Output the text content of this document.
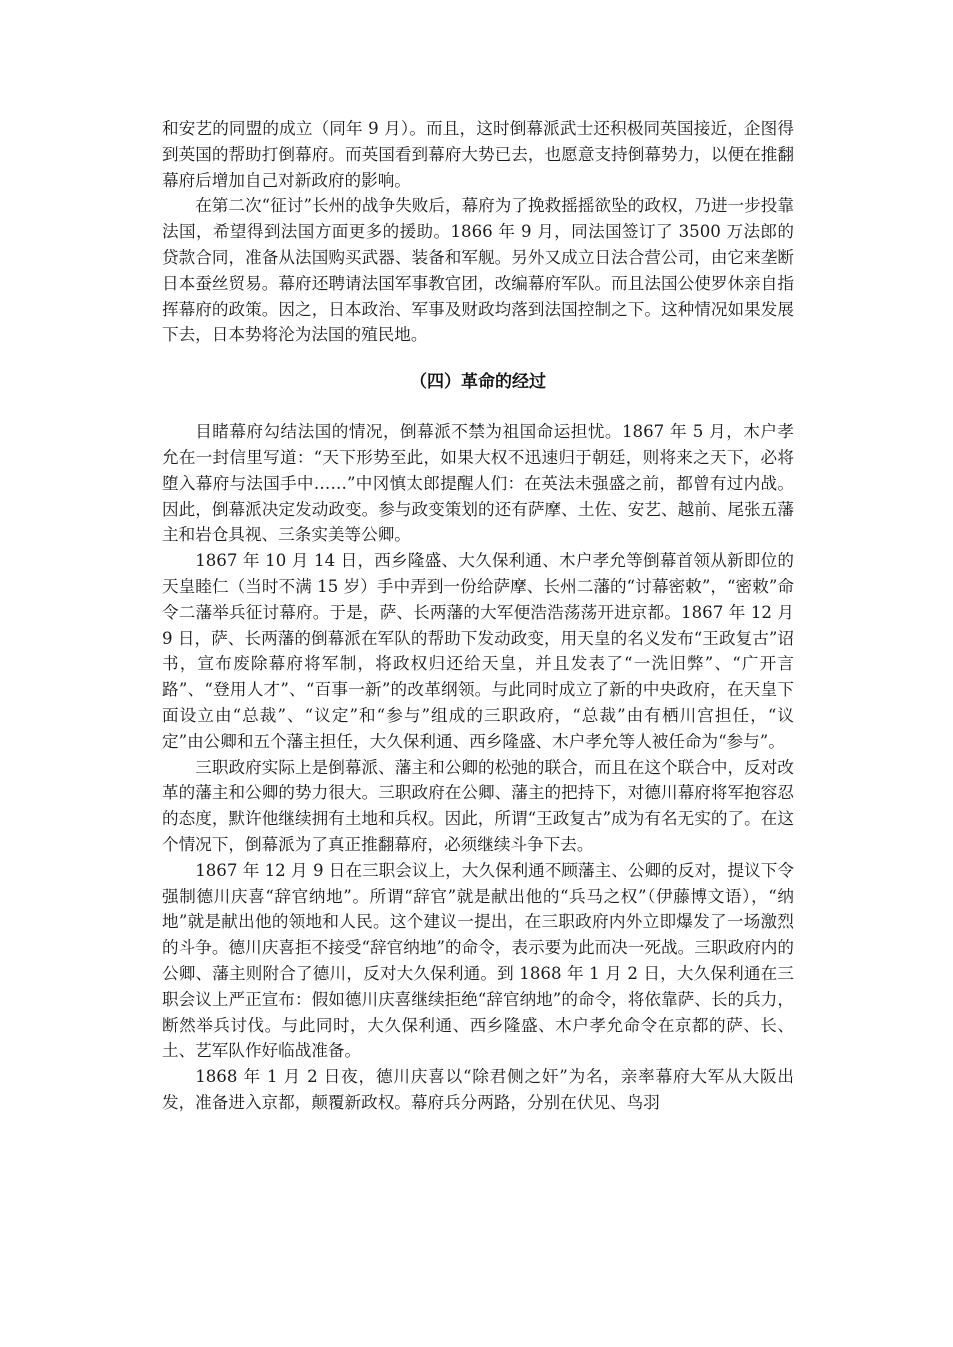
和安艺的同盟的成立（同年 9 月）。而且，这时倒幕派武士还积极同英国接近，企图得到英国的帮助打倒幕府。而英国看到幕府大势已去，也愿意支持倒幕势力，以便在推翻幕府后增加自己对新政府的影响。

在第二次“征讨”长州的战争失败后，幕府为了挽救摇摇欲坠的政权，乃进一步投靠法国，希望得到法国方面更多的援助。1866 年 9 月，同法国签订了 3500 万法郎的贷款合同，准备从法国购买武器、装备和军舰。另外又成立日法合营公司，由它来垄断日本蚕丝贸易。幕府还聘请法国军事教官团，改编幕府军队。而且法国公使罗休亲自指挥幕府的政策。因之，日本政治、军事及财政均落到法国控制之下。这种情况如果发展下去，日本势将沦为法国的殖民地。

（四）革命的经过

目睹幕府勾结法国的情况，倒幕派不禁为祖国命运担忧。1867 年 5 月，木户孝允在一封信里写道：“天下形势至此，如果大权不迅速归于朝廷，则将来之天下，必将堕入幕府与法国手中……”中冈慎太郎提醒人们：在英法未强盛之前，都曾有过内战。因此，倒幕派决定发动政变。参与政变策划的还有萨摩、土佐、安艺、越前、尾张五藩主和岩仓具视、三条实美等公卿。

1867 年 10 月 14 日，西乡隆盛、大久保利通、木户孝允等倒幕首领从新即位的天皇睦仁（当时不满 15 岁）手中弄到一份给萨摩、长州二藩的“讨幕密敕”，“密敕”命令二藩举兵征讨幕府。于是，萨、长两藩的大军便浩浩荡荡开进京都。1867 年 12 月 9 日，萨、长两藩的倒幕派在军队的帮助下发动政变，用天皇的名义发布“王政复古”诏书，宣布废除幕府将军制，将政权归还给天皇，并且发表了“一洗旧弊”、“广开言路”、“登用人才”、“百事一新”的改革纲领。与此同时成立了新的中央政府，在天皇下面设立由“总裁”、“议定”和“参与”组成的三职政府，“总裁”由有栖川宫担任，“议定”由公卿和五个藩主担任，大久保利通、西乡隆盛、木户孝允等人被任命为“参与”。

三职政府实际上是倒幕派、藩主和公卿的松弛的联合，而且在这个联合中，反对改革的藩主和公卿的势力很大。三职政府在公卿、藩主的把持下，对德川幕府将军抱容忍的态度，默许他继续拥有土地和兵权。因此，所谓“王政复古”成为有名无实的了。在这个情况下，倒幕派为了真正推翻幕府，必须继续斗争下去。

1867 年 12 月 9 日在三职会议上，大久保利通不顾藩主、公卿的反对，提议下令强制德川庆喜“辞官纳地”。所谓“辞官”就是献出他的“兵马之权”（伊藤博文语），“纳地”就是献出他的领地和人民。这个建议一提出，在三职政府内外立即爆发了一场激烈的斗争。德川庆喜拒不接受“辞官纳地”的命令，表示要为此而决一死战。三职政府内的公卿、藩主则附合了德川，反对大久保利通。到 1868 年 1 月 2 日，大久保利通在三职会议上严正宣布：假如德川庆喜继续拒绝“辞官纳地”的命令，将依靠萨、长的兵力，断然举兵讨伐。与此同时，大久保利通、西乡隆盛、木户孝允命令在京都的萨、长、土、艺军队作好临战准备。

1868 年 1 月 2 日夜，德川庆喜以“除君侧之奸”为名，亲率幕府大军从大阪出发，准备进入京都，颠覆新政权。幕府兵分两路，分别在伏见、鸟羽
